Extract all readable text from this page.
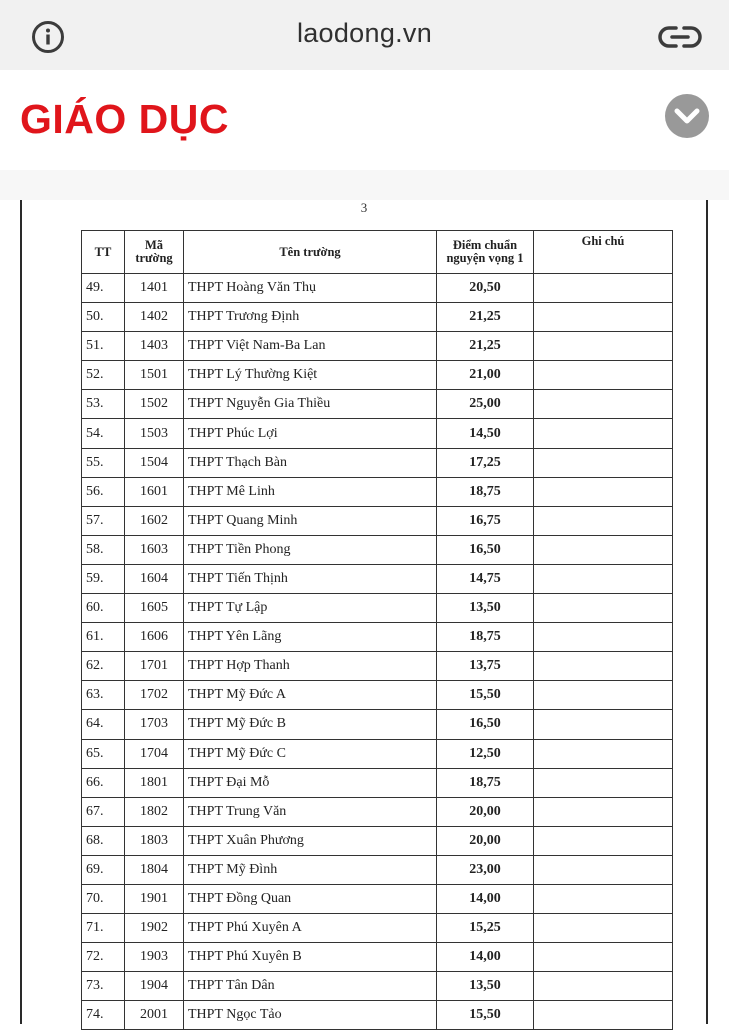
laodong.vn
GIÁO DỤC
3
TT	Mã trường	Tên trường	Điểm chuẩn nguyện vọng 1	Ghi chú
49.	1401	THPT Hoàng Văn Thụ	20,50	
50.	1402	THPT Trương Định	21,25	
51.	1403	THPT Việt Nam-Ba Lan	21,25	
52.	1501	THPT Lý Thường Kiệt	21,00	
53.	1502	THPT Nguyễn Gia Thiều	25,00	
54.	1503	THPT Phúc Lợi	14,50	
55.	1504	THPT Thạch Bàn	17,25	
56.	1601	THPT Mê Linh	18,75	
57.	1602	THPT Quang Minh	16,75	
58.	1603	THPT Tiền Phong	16,50	
59.	1604	THPT Tiến Thịnh	14,75	
60.	1605	THPT Tự Lập	13,50	
61.	1606	THPT Yên Lãng	18,75	
62.	1701	THPT Hợp Thanh	13,75	
63.	1702	THPT Mỹ Đức A	15,50	
64.	1703	THPT Mỹ Đức B	16,50	
65.	1704	THPT Mỹ Đức C	12,50	
66.	1801	THPT Đại Mỗ	18,75	
67.	1802	THPT Trung Văn	20,00	
68.	1803	THPT Xuân Phương	20,00	
69.	1804	THPT Mỹ Đình	23,00	
70.	1901	THPT Đồng Quan	14,00	
71.	1902	THPT Phú Xuyên A	15,25	
72.	1903	THPT Phú Xuyên B	14,00	
73.	1904	THPT Tân Dân	13,50	
74.	2001	THPT Ngọc Tảo	15,50	
